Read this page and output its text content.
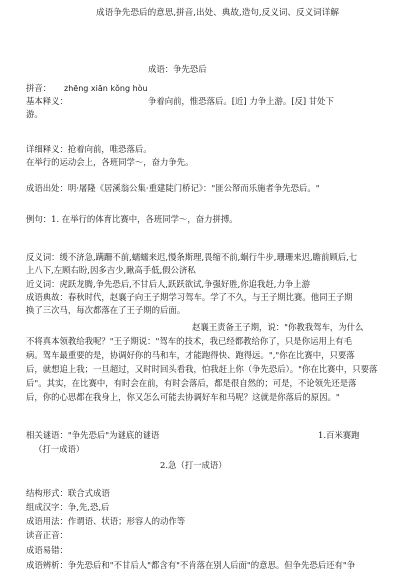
成语争先恐后的意思,拼音,出处、典故,造句,反义词、反义词详解
成语：争先恐后
拼音： zhēng xiān kǒng hòu
基本释义：	争着向前，惟恐落后。[近] 力争上游。[反] 甘处下
游。
详细释义：抢着向前，唯恐落后。
在举行的运动会上，各班同学～，奋力争先。
成语出处：明·屠隆《居溪翁公集·重建陡门桥记》："匪公帑而乐施者争先恐后。"
例句：1. 在举行的体育比赛中，各班同学～，奋力拼搏。
反义词：缓不济急,蹒跚不前,蠕蠕来迟,慢条斯理,畏缩不前,蜗行牛步,珊珊来迟,瞻前顾后,七
上八下,左顾右盼,因多吉少,瞅高手低,假公济私
近义词：虎跃龙腾,争先恐后,不甘后人,跃跃欲试,争强好胜,你追我赶,力争上游
成语典故：春秋时代，赵襄子向王子期学习驾车。学了不久，与王子期比赛。他同王子期
换了三次马，每次都落在了王子期的后面。
赵襄王责备王子期，说："你教我驾车，为什么
不将真本领教给我呢？"王子期说："驾车的技术，我已经都教给你了，只是你运用上有毛
病。驾车最重要的是，协调好你的马和车，才能跑得快、跑得远。","你在比赛中，只要落
后，就想追上我；一旦超过，又时时回头看我，怕我赶上你（争先恐后）。"你在比赛中，只要落
后"。其实，在比赛中，有时会在前，有时会落后，都是很自然的；可是，不论领先还是落
后，你的心思都在我身上，你又怎么可能去协调好车和马呢？这就是你落后的原因。"
相关谜语："争先恐后"为谜底的谜语	1.百米赛跑
（打一成语）
2.急（打一成语）
结构形式：联合式成语
组成汉字：争,先,恐,后
成语用法：作谓语、状语；形容人的动作等
读音正音：
成语易错：
成语辨析：争先恐后和"不甘后人"都含有"不肯落在别人后面"的意思。但争先恐后还有"争
